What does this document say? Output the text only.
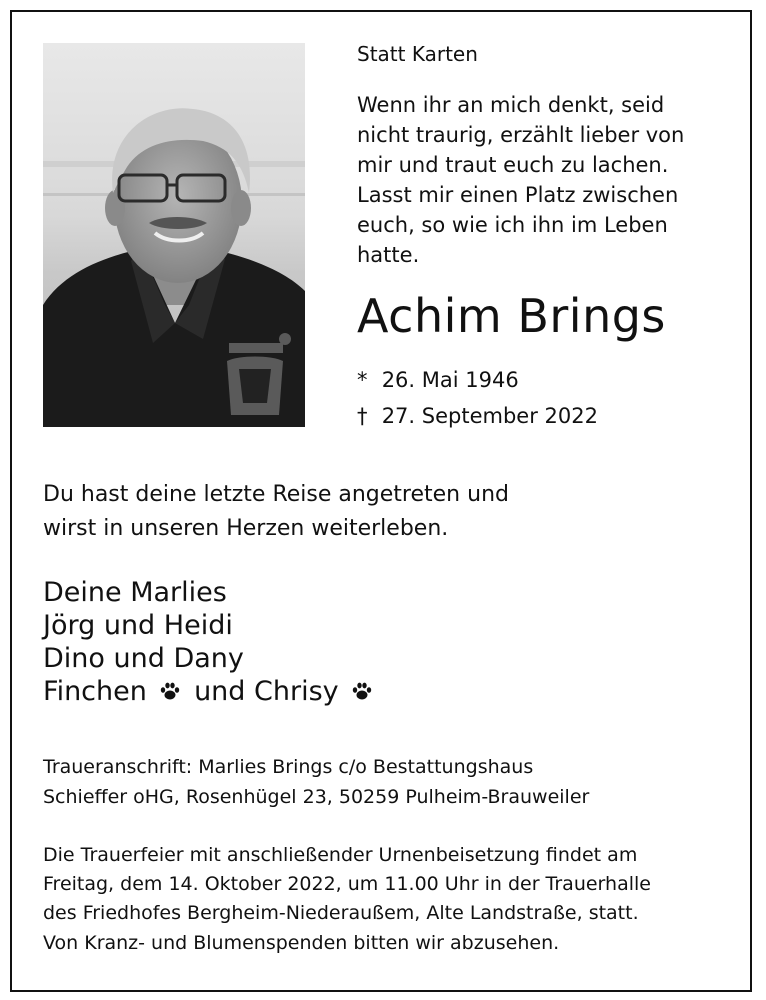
Statt Karten
Wenn ihr an mich denkt, seid
nicht traurig, erzählt lieber von
mir und traut euch zu lachen.
Lasst mir einen Platz zwischen
euch, so wie ich ihn im Leben
hatte.
Achim Brings
* 26. Mai 1946
† 27. September 2022
Du hast deine letzte Reise angetreten und
wirst in unseren Herzen weiterleben.
Deine Marlies
Jörg und Heidi
Dino und Dany
Finchen und Chrisy
Traueranschrift: Marlies Brings c/o Bestattungshaus
Schieffer oHG, Rosenhügel 23, 50259 Pulheim-Brauweiler
Die Trauerfeier mit anschließender Urnenbeisetzung findet am
Freitag, dem 14. Oktober 2022, um 11.00 Uhr in der Trauerhalle
des Friedhofes Bergheim-Niederaußem, Alte Landstraße, statt.
Von Kranz- und Blumenspenden bitten wir abzusehen.
